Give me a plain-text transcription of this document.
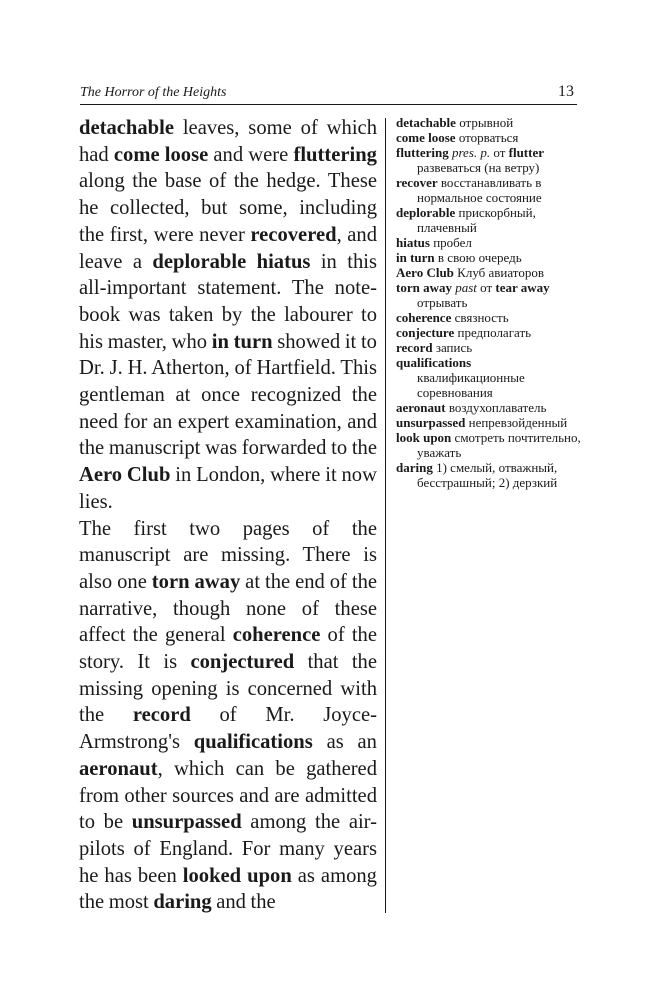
The Horror of the Heights	13

detachable leaves, some of which had come loose and were fluttering along the base of the hedge. These he collected, but some, including the first, were never recovered, and leave a deplorable hiatus in this all-important statement. The notebook was taken by the labourer to his master, who in turn showed it to Dr. J. H. Atherton, of Hartfield. This gentleman at once recognized the need for an expert examination, and the manuscript was forwarded to the Aero Club in London, where it now lies.

The first two pages of the manuscript are missing. There is also one torn away at the end of the narrative, though none of these affect the general coherence of the story. It is conjectured that the missing opening is concerned with the record of Mr. Joyce-Armstrong's qualifications as an aeronaut, which can be gathered from other sources and are admitted to be unsurpassed among the air-pilots of England. For many years he has been looked upon as among the most daring and the

detachable отрывной
come loose оторваться
fluttering pres. p. от flutter развеваться (на ветру)
recover восстанавливать в нормальное состояние
deplorable прискорбный, плачевный
hiatus пробел
in turn в свою очередь
Aero Club Клуб авиаторов
torn away past от tear away отрывать
coherence связность
conjecture предполагать
record запись
qualifications квалификационные соревнования
aeronaut воздухоплаватель
unsurpassed непревзойденный
look upon смотреть почтительно, уважать
daring 1) смелый, отважный, бесстрашный; 2) дерзкий
